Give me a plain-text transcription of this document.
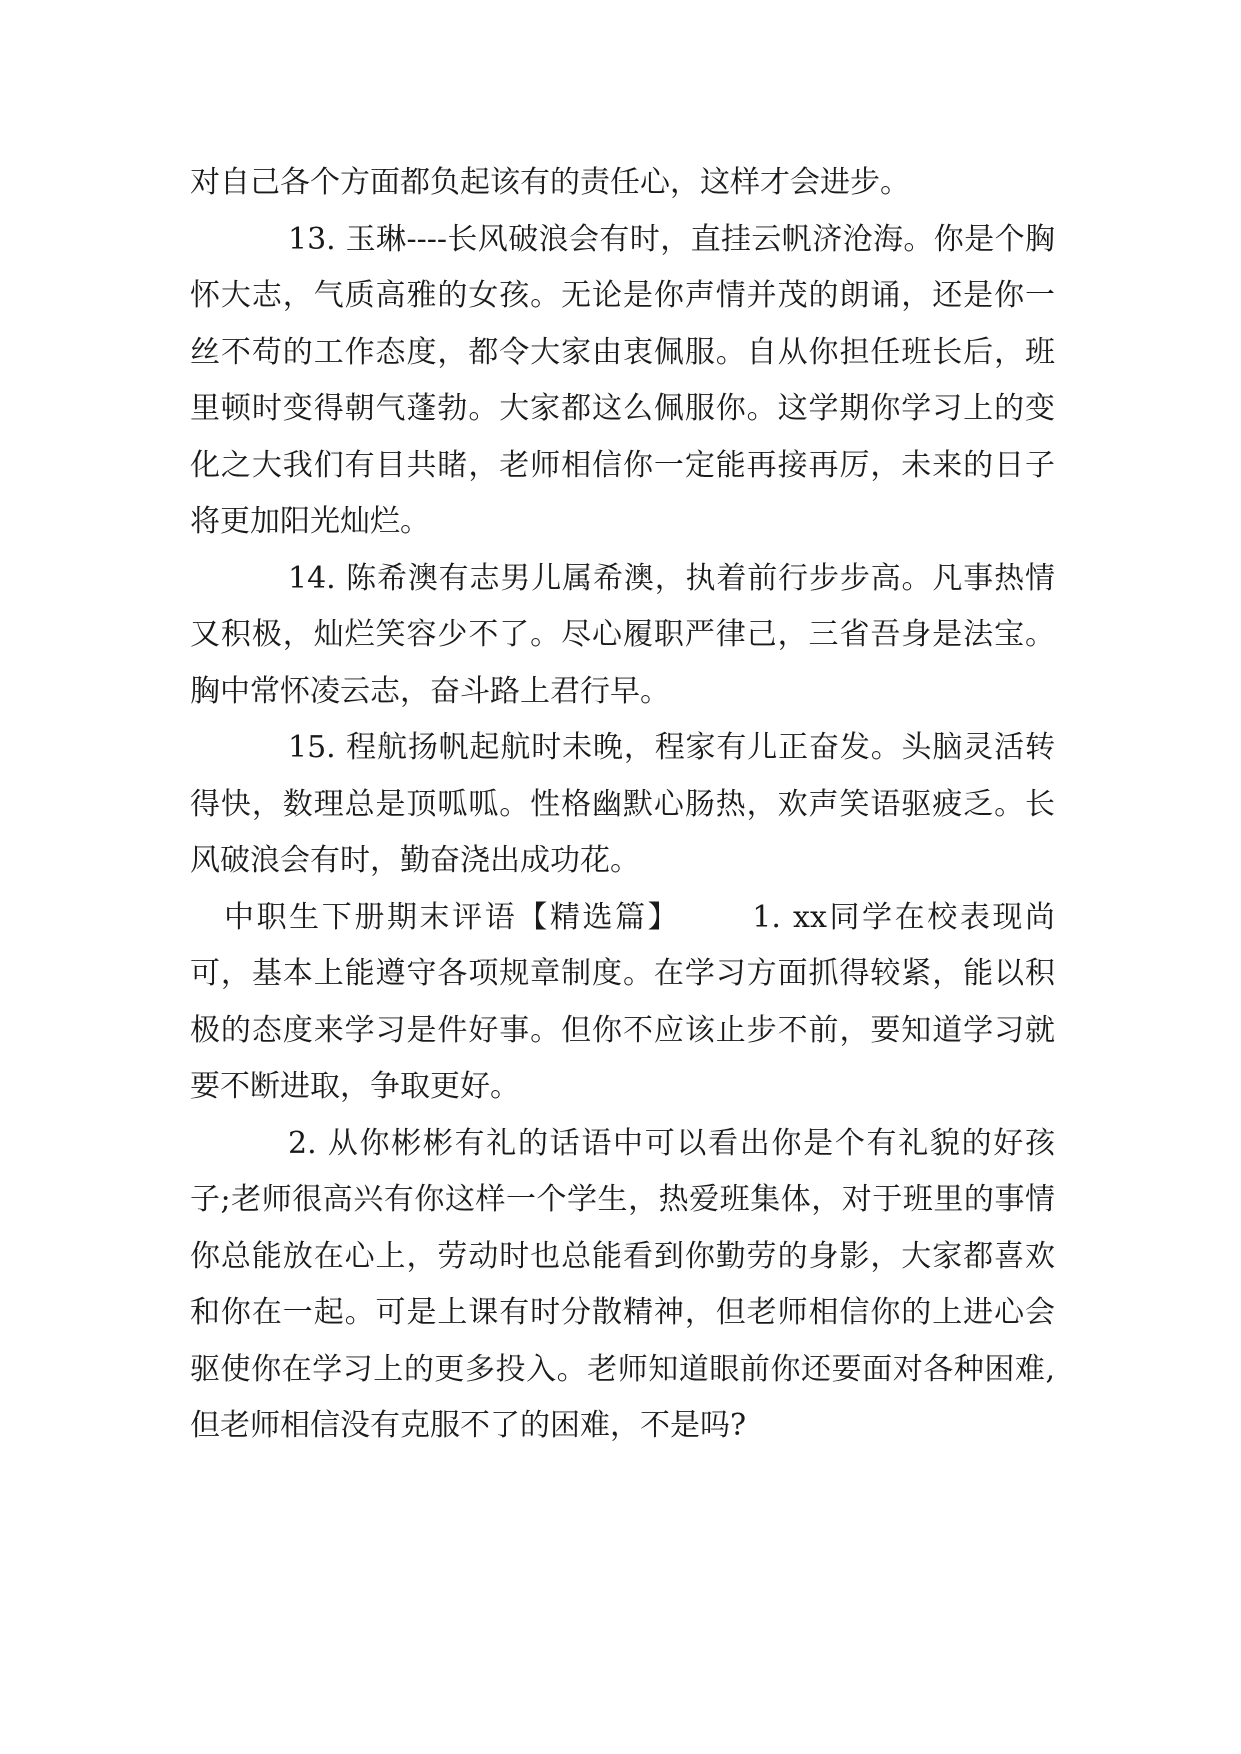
对自己各个方面都负起该有的责任心，这样才会进步。

13. 玉琳----长风破浪会有时，直挂云帆济沧海。你是个胸怀大志，气质高雅的女孩。无论是你声情并茂的朗诵，还是你一丝不苟的工作态度，都令大家由衷佩服。自从你担任班长后，班里顿时变得朝气蓬勃。大家都这么佩服你。这学期你学习上的变化之大我们有目共睹，老师相信你一定能再接再厉，未来的日子将更加阳光灿烂。

14. 陈希澳有志男儿属希澳，执着前行步步高。凡事热情又积极，灿烂笑容少不了。尽心履职严律己，三省吾身是法宝。胸中常怀凌云志，奋斗路上君行早。

15. 程航扬帆起航时未晚，程家有儿正奋发。头脑灵活转得快，数理总是顶呱呱。性格幽默心肠热，欢声笑语驱疲乏。长风破浪会有时，勤奋浇出成功花。

中职生下册期末评语【精选篇】 1. xx同学在校表现尚可，基本上能遵守各项规章制度。在学习方面抓得较紧，能以积极的态度来学习是件好事。但你不应该止步不前，要知道学习就要不断进取，争取更好。

2. 从你彬彬有礼的话语中可以看出你是个有礼貌的好孩子;老师很高兴有你这样一个学生，热爱班集体，对于班里的事情你总能放在心上，劳动时也总能看到你勤劳的身影，大家都喜欢和你在一起。可是上课有时分散精神，但老师相信你的上进心会驱使你在学习上的更多投入。老师知道眼前你还要面对各种困难,但老师相信没有克服不了的困难，不是吗?
